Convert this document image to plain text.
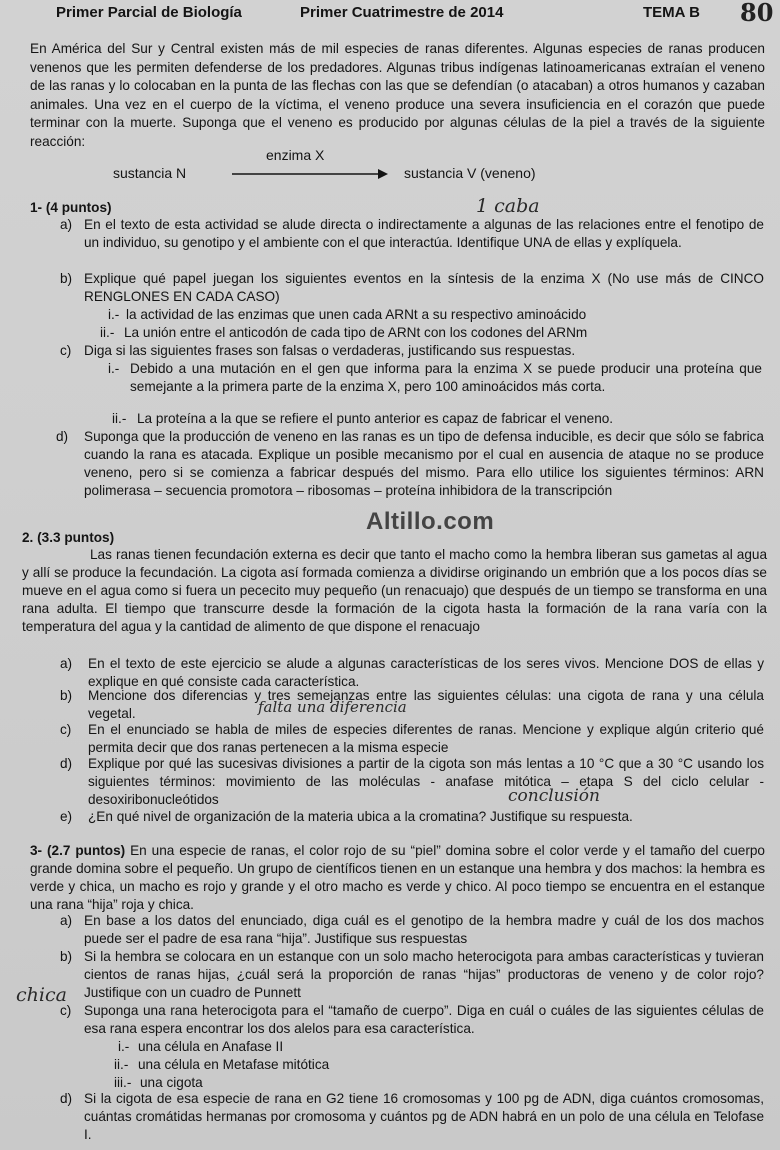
Primer Parcial de Biología	Primer Cuatrimestre de 2014	TEMA B 80

En América del Sur y Central existen más de mil especies de ranas diferentes. Algunas especies de ranas producen venenos que les permiten defenderse de los predadores. Algunas tribus indígenas latinoamericanas extraían el veneno de las ranas y lo colocaban en la punta de las flechas con las que se defendían (o atacaban) a otros humanos y cazaban animales. Una vez en el cuerpo de la víctima, el veneno produce una severa insuficiencia en el corazón que puede terminar con la muerte. Suponga que el veneno es producido por algunas células de la piel a través de la siguiente reacción:

enzima X
sustancia N	sustancia V (veneno)
1- (4 puntos)	1 caba
a) En el texto de esta actividad se alude directa o indirectamente a algunas de las relaciones entre el fenotipo de un individuo, su genotipo y el ambiente con el que interactúa. Identifique UNA de ellas y explíquela.

b) Explique qué papel juegan los siguientes eventos en la síntesis de la enzima X (No use más de CINCO RENGLONES EN CADA CASO)

i.- la actividad de las enzimas que unen cada ARNt a su respectivo aminoácido

ii.- La unión entre el anticodón de cada tipo de ARNt con los codones del ARNm

c) Diga si las siguientes frases son falsas o verdaderas, justificando sus respuestas.

i.- Debido a una mutación en el gen que informa para la enzima X se puede producir una proteína que semejante a la primera parte de la enzima X, pero 100 aminoácidos más corta.

ii.- La proteína a la que se refiere el punto anterior es capaz de fabricar el veneno.

d) Suponga que la producción de veneno en las ranas es un tipo de defensa inducible, es decir que sólo se fabrica cuando la rana es atacada. Explique un posible mecanismo por el cual en ausencia de ataque no se produce veneno, pero si se comienza a fabricar después del mismo. Para ello utilice los siguientes términos: ARN polimerasa – secuencia promotora – ribosomas – proteína inhibidora de la transcripción

Altillo.com
2. (3.3 puntos)

Las ranas tienen fecundación externa es decir que tanto el macho como la hembra liberan sus gametas al agua y allí se produce la fecundación. La cigota así formada comienza a dividirse originando un embrión que a los pocos días se mueve en el agua como si fuera un pececito muy pequeño (un renacuajo) que después de un tiempo se transforma en una rana adulta. El tiempo que transcurre desde la formación de la cigota hasta la formación de la rana varía con la temperatura del agua y la cantidad de alimento de que dispone el renacuajo

a) En el texto de este ejercicio se alude a algunas características de los seres vivos. Mencione DOS de ellas y explique en qué consiste cada característica.

b) Mencione dos diferencias y tres semejanzas entre las siguientes células: una cigota de rana y una célula vegetal.	falta una diferencia
c) En el enunciado se habla de miles de especies diferentes de ranas. Mencione y explique algún criterio qué permita decir que dos ranas pertenecen a la misma especie

d) Explique por qué las sucesivas divisiones a partir de la cigota son más lentas a 10 °C que a 30 °C usando los siguientes términos: movimiento de las moléculas - anafase mitótica – etapa S del ciclo celular - desoxiribonucleótidos	conclusión
e) ¿En qué nivel de organización de la materia ubica a la cromatina? Justifique su respuesta.

3- (2.7 puntos) En una especie de ranas, el color rojo de su “piel” domina sobre el color verde y el tamaño del cuerpo grande domina sobre el pequeño. Un grupo de científicos tienen en un estanque una hembra y dos machos: la hembra es verde y chica, un macho es rojo y grande y el otro macho es verde y chico. Al poco tiempo se encuentra en el estanque una rana “hija” roja y chica.

a) En base a los datos del enunciado, diga cuál es el genotipo de la hembra madre y cuál de los dos machos puede ser el padre de esa rana “hija”. Justifique sus respuestas

b) Si la hembra se colocara en un estanque con un solo macho heterocigota para ambas características y tuvieran cientos de ranas hijas, ¿cuál será la proporción de ranas “hijas” productoras de veneno y de color rojo? Justifique con un cuadro de Punnett

chica
c) Suponga una rana heterocigota para el “tamaño de cuerpo”. Diga en cuál o cuáles de las siguientes células de esa rana espera encontrar los dos alelos para esa característica.

i.- una célula en Anafase II

ii.- una célula en Metafase mitótica

iii.- una cigota

d) Si la cigota de esa especie de rana en G2 tiene 16 cromosomas y 100 pg de ADN, diga cuántos cromosomas, cuántas cromátidas hermanas por cromosoma y cuántos pg de ADN habrá en un polo de una célula en Telofase I.
